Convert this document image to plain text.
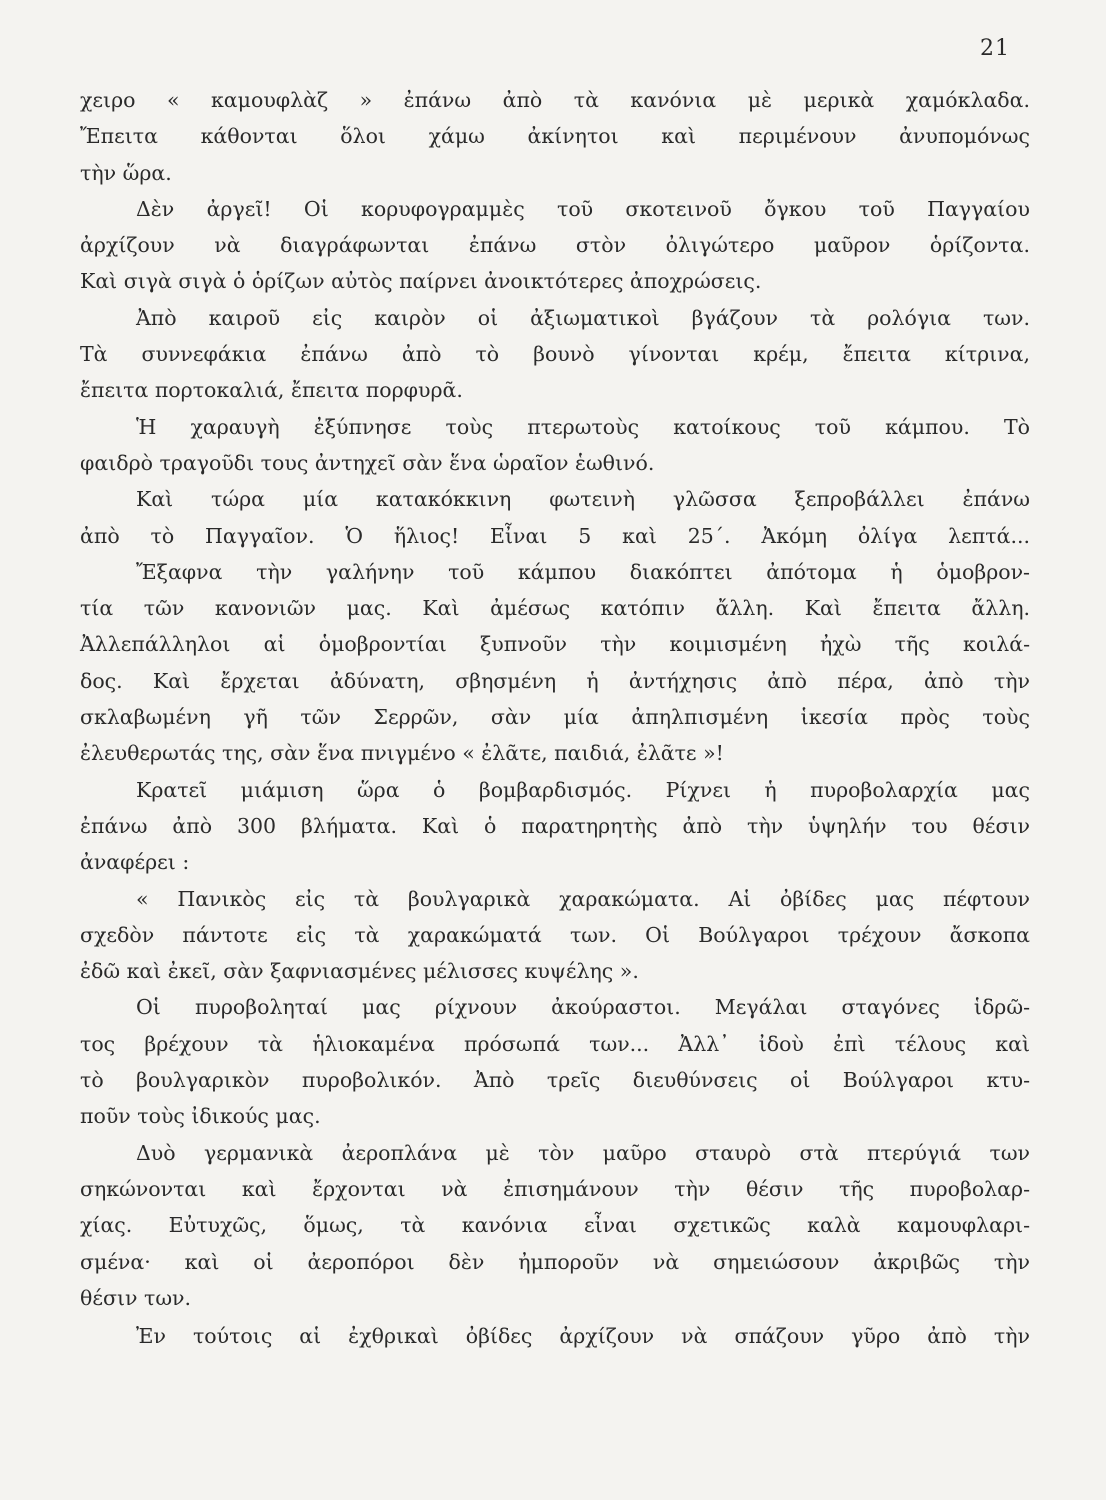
21
χειρο « καμουφλὰζ » ἐπάνω ἀπὸ τὰ κανόνια μὲ μερικὰ χαμόκλαδα.
Ἔπειτα κάθονται ὅλοι χάμω ἀκίνητοι καὶ περιμένουν ἀνυπομόνως
τὴν ὥρα.
Δὲν ἀργεῖ! Οἱ κορυφογραμμὲς τοῦ σκοτεινοῦ ὄγκου τοῦ Παγγαίου
ἀρχίζουν νὰ διαγράφωνται ἐπάνω στὸν ὀλιγώτερο μαῦρον ὁρίζοντα.
Καὶ σιγὰ σιγὰ ὁ ὁρίζων αὐτὸς παίρνει ἀνοικτότερες ἀποχρώσεις.
Ἀπὸ καιροῦ εἰς καιρὸν οἱ ἀξιωματικοὶ βγάζουν τὰ ρολόγια των.
Τὰ συννεφάκια ἐπάνω ἀπὸ τὸ βουνὸ γίνονται κρέμ, ἔπειτα κίτρινα,
ἔπειτα πορτοκαλιά, ἔπειτα πορφυρᾶ.
Ἡ χαραυγὴ ἐξύπνησε τοὺς πτερωτοὺς κατοίκους τοῦ κάμπου. Τὸ
φαιδρὸ τραγοῦδι τους ἀντηχεῖ σὰν ἕνα ὡραῖον ἑωθινό.
Καὶ τώρα μία κατακόκκινη φωτεινὴ γλῶσσα ξεπροβάλλει ἐπάνω
ἀπὸ τὸ Παγγαῖον. Ὁ ἥλιος! Εἶναι 5 καὶ 25΄. Ἀκόμη ὀλίγα λεπτά...
Ἔξαφνα τὴν γαλήνην τοῦ κάμπου διακόπτει ἀπότομα ἡ ὁμοβρον-
τία τῶν κανονιῶν μας. Καὶ ἀμέσως κατόπιν ἄλλη. Καὶ ἔπειτα ἄλλη.
Ἀλλεπάλληλοι αἱ ὁμοβροντίαι ξυπνοῦν τὴν κοιμισμένη ἠχὼ τῆς κοιλά-
δος. Καὶ ἔρχεται ἀδύνατη, σβησμένη ἡ ἀντήχησις ἀπὸ πέρα, ἀπὸ τὴν
σκλαβωμένη γῆ τῶν Σερρῶν, σὰν μία ἀπηλπισμένη ἱκεσία πρὸς τοὺς
ἐλευθερωτάς της, σὰν ἕνα πνιγμένο « ἐλᾶτε, παιδιά, ἐλᾶτε »!
Κρατεῖ μιάμιση ὥρα ὁ βομβαρδισμός. Ρίχνει ἡ πυροβολαρχία μας
ἐπάνω ἀπὸ 300 βλήματα. Καὶ ὁ παρατηρητὴς ἀπὸ τὴν ὑψηλήν του θέσιν
ἀναφέρει :
« Πανικὸς εἰς τὰ βουλγαρικὰ χαρακώματα. Αἱ ὀβίδες μας πέφτουν
σχεδὸν πάντοτε εἰς τὰ χαρακώματά των. Οἱ Βούλγαροι τρέχουν ἄσκοπα
ἐδῶ καὶ ἐκεῖ, σὰν ξαφνιασμένες μέλισσες κυψέλης ».
Οἱ πυροβοληταί μας ρίχνουν ἀκούραστοι. Μεγάλαι σταγόνες ἱδρῶ-
τος βρέχουν τὰ ἡλιοκαμένα πρόσωπά των... Ἀλλ᾽ ἰδοὺ ἐπὶ τέλους καὶ
τὸ βουλγαρικὸν πυροβολικόν. Ἀπὸ τρεῖς διευθύνσεις οἱ Βούλγαροι κτυ-
ποῦν τοὺς ἰδικούς μας.
Δυὸ γερμανικὰ ἀεροπλάνα μὲ τὸν μαῦρο σταυρὸ στὰ πτερύγιά των
σηκώνονται καὶ ἔρχονται νὰ ἐπισημάνουν τὴν θέσιν τῆς πυροβολαρ-
χίας. Εὐτυχῶς, ὅμως, τὰ κανόνια εἶναι σχετικῶς καλὰ καμουφλαρι-
σμένα· καὶ οἱ ἀεροπόροι δὲν ἠμποροῦν νὰ σημειώσουν ἀκριβῶς τὴν
θέσιν των.
Ἐν τούτοις αἱ ἐχθρικαὶ ὀβίδες ἀρχίζουν νὰ σπάζουν γῦρο ἀπὸ τὴν
